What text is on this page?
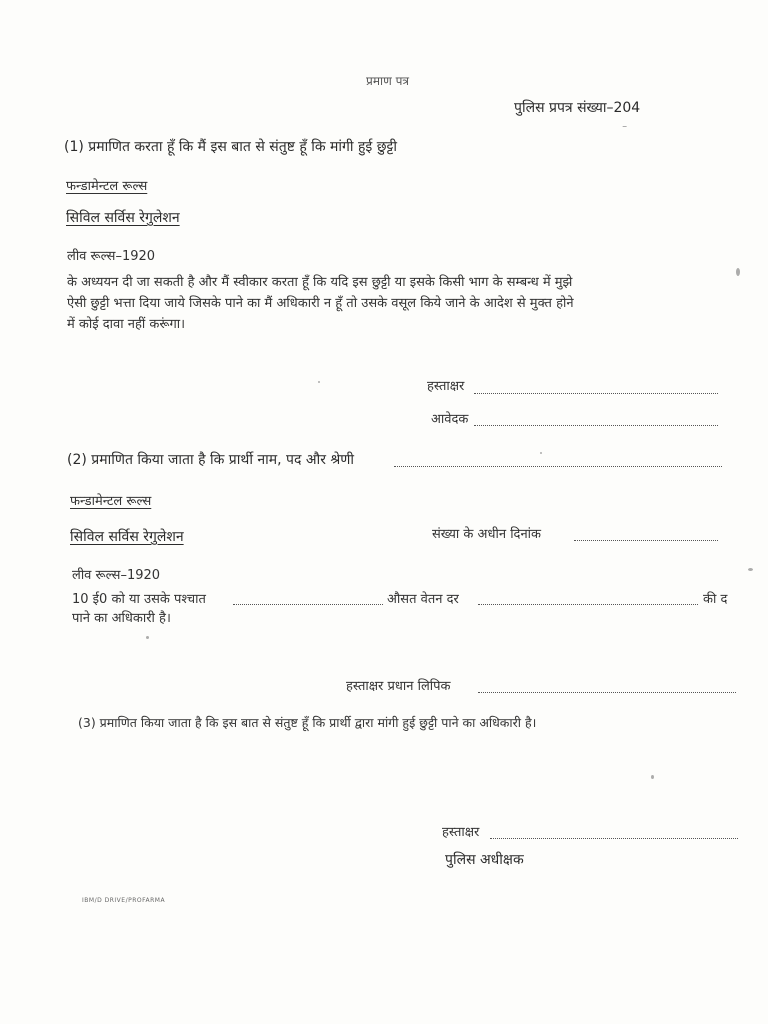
प्रमाण पत्र
पुलिस प्रपत्र संख्या–204
⁻
(1) प्रमाणित करता हूँ कि मैं इस बात से संतुष्ट हूँ कि मांगी हुई छुट्टी
फन्डामेन्टल रूल्स
सिविल सर्विस रेगुलेशन
लीव रूल्स–1920
के अध्ययन दी जा सकती है और मैं स्वीकार करता हूँ कि यदि इस छुट्टी या इसके किसी भाग के सम्बन्ध में मुझे
ऐसी छुट्टी भत्ता दिया जाये जिसके पाने का मैं अधिकारी न हूँ तो उसके वसूल किये जाने के आदेश से मुक्त होने
में कोई दावा नहीं करूंगा।
हस्ताक्षर
आवेदक
(2) प्रमाणित किया जाता है कि प्रार्थी नाम, पद और श्रेणी
फन्डामेन्टल रूल्स
सिविल सर्विस रेगुलेशन	संख्या के अधीन दिनांक
लीव रूल्स–1920
10 ई0 को या उसके पश्चात	औसत वेतन दर	की द
पाने का अधिकारी है।
हस्ताक्षर प्रधान लिपिक
(3) प्रमाणित किया जाता है कि इस बात से संतुष्ट हूँ कि प्रार्थी द्वारा मांगी हुई छुट्टी पाने का अधिकारी है।
हस्ताक्षर
पुलिस अधीक्षक
IBM/D DRIVE/PROFARMA
